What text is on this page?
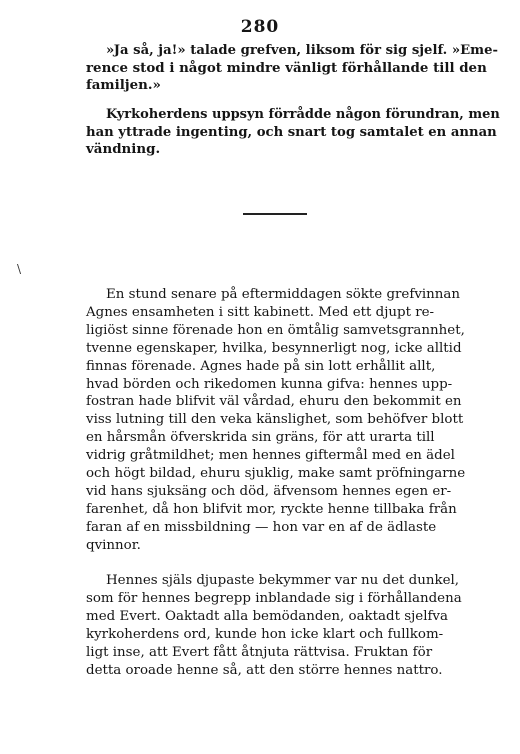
280
»Ja så, ja!» talade grefven, liksom för sig sjelf. »Eme-
rence stod i något mindre vänligt förhållande till den
familjen.»
Kyrkoherdens uppsyn förrådde någon förundran, men
han yttrade ingenting, och snart tog samtalet en annan
vändning.
\
En stund senare på eftermiddagen sökte grefvinnan
Agnes ensamheten i sitt kabinett. Med ett djupt re-
ligiöst sinne förenade hon en ömtålig samvetsgrannhet,
tvenne egenskaper, hvilka, besynnerligt nog, icke alltid
finnas förenade. Agnes hade på sin lott erhållit allt,
hvad börden och rikedomen kunna gifva: hennes upp-
fostran hade blifvit väl vårdad, ehuru den bekommit en
viss lutning till den veka känslighet, som behöfver blott
en hårsmån öfverskrida sin gräns, för att urarta till
vidrig gråtmildhet; men hennes giftermål med en ädel
och högt bildad, ehuru sjuklig, make samt pröfningarne
vid hans sjuksäng och död, äfvensom hennes egen er-
farenhet, då hon blifvit mor, ryckte henne tillbaka från
faran af en missbildning — hon var en af de ädlaste
qvinnor.
Hennes själs djupaste bekymmer var nu det dunkel,
som för hennes begrepp inblandade sig i förhållandena
med Evert. Oaktadt alla bemödanden, oaktadt sjelfva
kyrkoherdens ord, kunde hon icke klart och fullkom-
ligt inse, att Evert fått åtnjuta rättvisa. Fruktan för
detta oroade henne så, att den större hennes nattro.
